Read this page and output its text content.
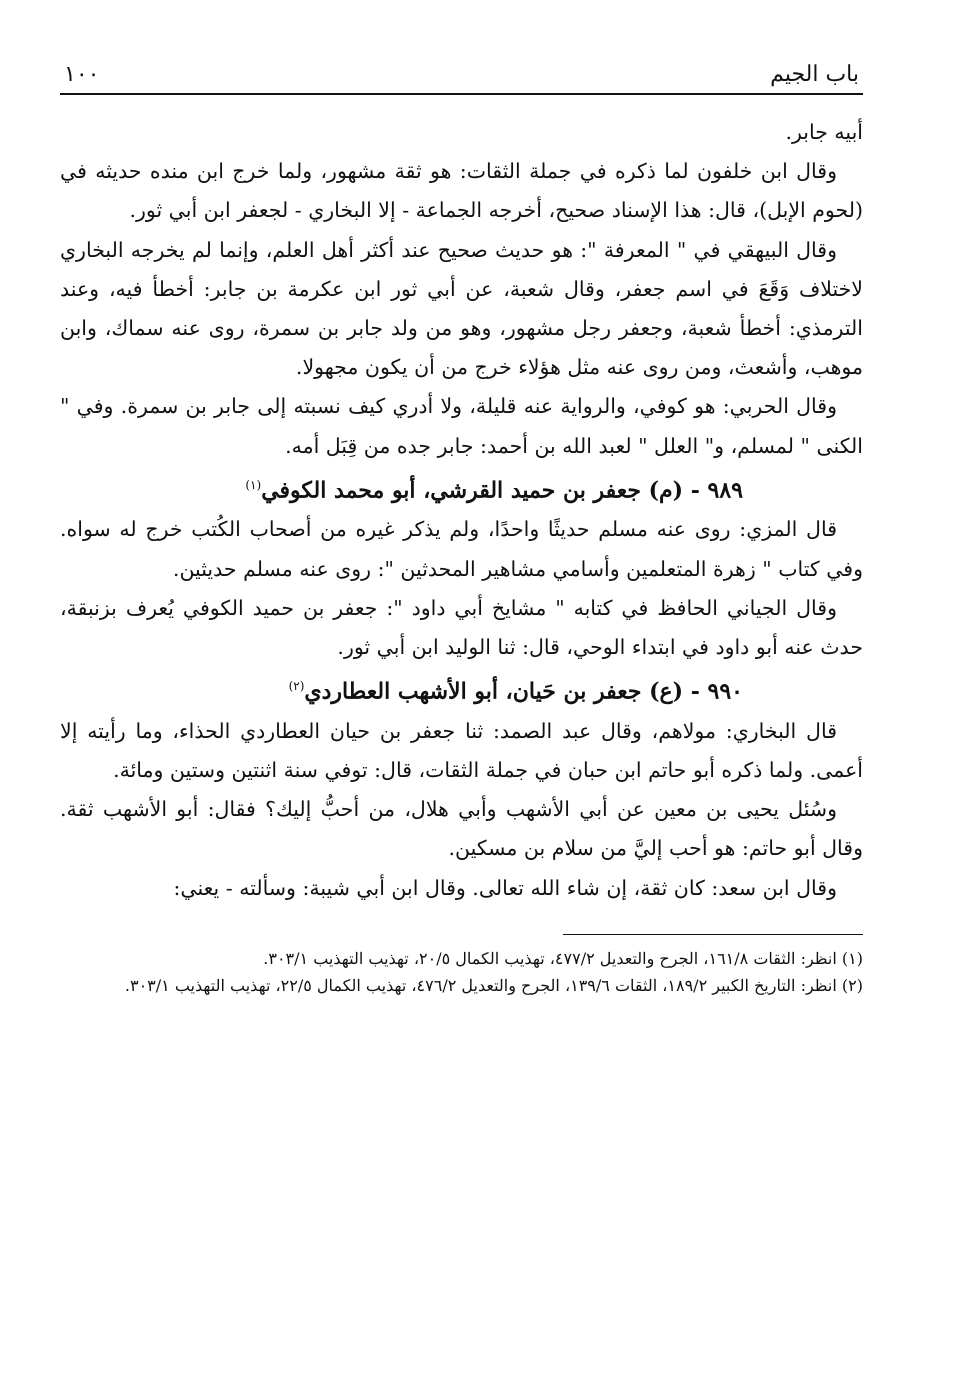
باب الجيم
١٠٠

أبيه جابر.

وقال ابن خلفون لما ذكره في جملة الثقات: هو ثقة مشهور، ولما خرج ابن منده حديثه في (لحوم الإبل)، قال: هذا الإسناد صحيح، أخرجه الجماعة - إلا البخاري - لجعفر ابن أبي ثور.

وقال البيهقي في " المعرفة ": هو حديث صحيح عند أكثر أهل العلم، وإنما لم يخرجه البخاري لاختلاف وَقَعَ في اسم جعفر، وقال شعبة، عن أبي ثور ابن عكرمة بن جابر: أخطأ فيه، وعند الترمذي: أخطأ شعبة، وجعفر رجل مشهور، وهو من ولد جابر بن سمرة، روى عنه سماك، وابن موهب، وأشعث، ومن روى عنه مثل هؤلاء خرج من أن يكون مجهولا.

وقال الحربي: هو كوفي، والرواية عنه قليلة، ولا أدري كيف نسبته إلى جابر بن سمرة. وفي " الكنى " لمسلم، و" العلل " لعبد الله بن أحمد: جابر جده من قِبَل أمه.

٩٨٩ - (م) جعفر بن حميد القرشي، أبو محمد الكوفي$^{(١)}$

قال المزي: روى عنه مسلم حديثًا واحدًا، ولم يذكر غيره من أصحاب الكُتب خرج له سواه. وفي كتاب " زهرة المتعلمين وأسامي مشاهير المحدثين ": روى عنه مسلم حديثين.

وقال الجياني الحافظ في كتابه " مشايخ أبي داود ": جعفر بن حميد الكوفي يُعرف بزنبقة، حدث عنه أبو داود في ابتداء الوحي، قال: ثنا الوليد ابن أبي ثور.

٩٩٠ - (ع) جعفر بن حَيان، أبو الأشهب العطاردي$^{(٢)}$

قال البخاري: مولاهم، وقال عبد الصمد: ثنا جعفر بن حيان العطاردي الحذاء، وما رأيته إلا أعمى. ولما ذكره أبو حاتم ابن حبان في جملة الثقات، قال: توفي سنة اثنتين وستين ومائة.

وسُئل يحيى بن معين عن أبي الأشهب وأبي هلال، من أحبُّ إليك؟ فقال: أبو الأشهب ثقة. وقال أبو حاتم: هو أحب إليَّ من سلام بن مسكين.

وقال ابن سعد: كان ثقة، إن شاء الله تعالى. وقال ابن أبي شيبة: وسألته - يعني:

(١) انظر: الثقات ١٦١/٨، الجرح والتعديل ٤٧٧/٢، تهذيب الكمال ٢٠/٥، تهذيب التهذيب ٣٠٣/١.

(٢) انظر: التاريخ الكبير ١٨٩/٢، الثقات ١٣٩/٦، الجرح والتعديل ٤٧٦/٢، تهذيب الكمال ٢٢/٥، تهذيب التهذيب ٣٠٣/١.
